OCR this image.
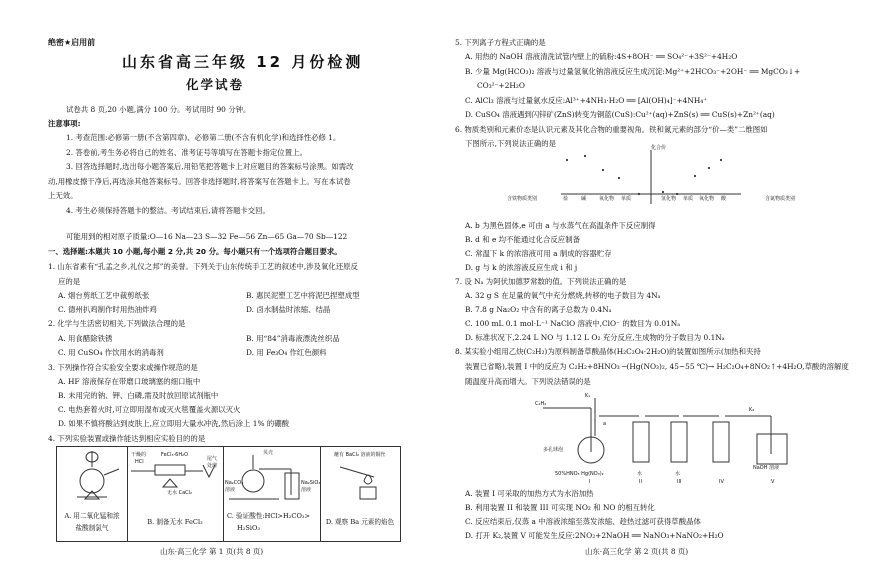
绝密★启用前
山东省高三年级 12 月份检测
化学试卷
试卷共 8 页,20 小题,满分 100 分。考试用时 90 分钟。
注意事项:
1. 考查范围:必修第一册(不含第四章)、必修第二册(不含有机化学)和选择性必修 1。
2. 答卷前,考生务必将自己的姓名、准考证号等填写在答题卡指定位置上。
3. 回答选择题时,选出每小题答案后,用铅笔把答题卡上对应题目的答案标号涂黑。如需改
动,用橡皮擦干净后,再选涂其他答案标号。回答非选择题时,将答案写在答题卡上。写在本试卷
上无效。
4. 考生必须保持答题卡的整洁。考试结束后,请将答题卡交回。
可能用到的相对原子质量:O—16 Na—23 S—32 Fe—56 Zn—65 Ga—70 Sb—122
一、选择题:本题共 10 小题,每小题 2 分,共 20 分。每小题只有一个选项符合题目要求。
1. 山东省素有“孔孟之乡,礼仪之邦”的美誉。下列关于山东传统手工艺的叙述中,涉及氧化还原反
应的是
A. 烟台剪纸工艺中裁剪纸张	B. 惠民泥塑工艺中将泥巴捏塑成型
C. 德州扒鸡制作时用热油炸鸡	D. 卤水制盐时浓缩、结晶
2. 化学与生活密切相关,下列做法合理的是
A. 用食醋除铁锈	B. 用“84”消毒液漂洗丝织品
C. 用 CuSO₄ 作饮用水的消毒剂	D. 用 Fe₃O₄ 作红色颜料
3. 下列操作符合实验安全要求或操作规范的是
A. HF 溶液保存在带磨口玻璃塞的细口瓶中
B. 未用完的钠、钾、白磷,需及时放回原试剂瓶中
C. 电热套着火时,可立即用湿布或灭火毯覆盖火源以灭火
D. 如果不慎将酸沾到皮肤上,应立即用大量水冲洗,然后涂上 1% 的硼酸
4. 下列实验装置或操作能达到相应实验目的的是
A. 用二氧化锰和浓
盐酸制氯气
FeCl₃·6H₂O
干燥的
HCl	尾气
处理
无水 CaCl₂
B. 制备无水 FeCl₃
贝壳
Na₂CO₃
溶液
Na₂SiO₃
溶液
C. 验证酸性:HCl>H₂CO₃>
H₂SiO₃
蘸有 BaCl₂ 溶液的铜丝
D. 观察 Ba 元素的焰色
山东·高三化学 第 1 页(共 8 页)
5. 下列离子方程式正确的是
A. 用热的 NaOH 溶液清洗试管内壁上的硫粉:4S+8OH⁻ ══ SO₄²⁻+3S²⁻+4H₂O
B. 少量 Mg(HCO₃)₂ 溶液与过量氢氧化钠溶液反应生成沉淀:Mg²⁺+2HCO₃⁻+2OH⁻ ══ MgCO₃↓+
CO₃²⁻+2H₂O
C. AlCl₃ 溶液与过量氨水反应:Al³⁺+4NH₃·H₂O ══ [Al(OH)₄]⁻+4NH₄⁺
D. CuSO₄ 溶液遇到闪锌矿(ZnS)转变为铜蓝(CuS):Cu²⁺(aq)+ZnS(s) ══ CuS(s)+Zn²⁺(aq)
6. 物质类别和元素价态是认识元素及其化合物的重要视角。铁和氮元素的部分“价—类”二维图如
下图所示,下列说法正确的是	化合价
含铁物质类别	含氮物质类别
盐	碱	氧化物 单质	氢化物 单质 氧化物 酸
A. b 为黑色固体,e 可由 a 与水蒸气在高温条件下反应制得
B. d 和 e 均不能通过化合反应制备
C. 常温下 k 的浓溶液可用 a 制成的容器贮存
D. g 与 k 的浓溶液反应生成 i 和 j
7. 设 Nₐ 为阿伏加德罗常数的值。下列说法正确的是
A. 32 g S 在足量的氧气中充分燃烧,转移的电子数目为 4Nₐ
B. 7.8 g Na₂O₂ 中含有的离子总数为 0.4Nₐ
C. 100 mL 0.1 mol·L⁻¹ NaClO 溶液中,ClO⁻ 的数目为 0.01Nₐ
D. 标准状况下,2.24 L NO 与 1.12 L O₂ 充分反应,生成物的分子数目为 0.1Nₐ
8. 某实验小组用乙炔(C₂H₂)为原料制备草酸晶体(H₂C₂O₄·2H₂O)的装置如图所示(加热和夹持
装置已省略),装置 I 中的反应为 C₂H₂+8HNO₃ ─(Hg(NO₃)₂, 45~55 ℃)→ H₂C₂O₄+8NO₂↑+4H₂O,草酸的溶解度
随温度升高而增大。下列说法错误的是
C₂H₂
K₁
K₂
a
多孔球泡
50%HNO₃ Hg(NO₃)₂	水	水
NaOH 溶液
I	II	III	IV	V
A. 装置 I 可采取的加热方式为水浴加热
B. 利用装置 II 和装置 III 可实现 NO₂ 和 NO 的相互转化
C. 反应结束后,仅蒸 a 中溶液浓缩至蒸发浓缩、趁热过滤可获得草酸晶体
D. 打开 K₂,装置 V 可能发生反应:2NO₂+2NaOH ══ NaNO₃+NaNO₂+H₂O
山东·高三化学 第 2 页(共 8 页)
